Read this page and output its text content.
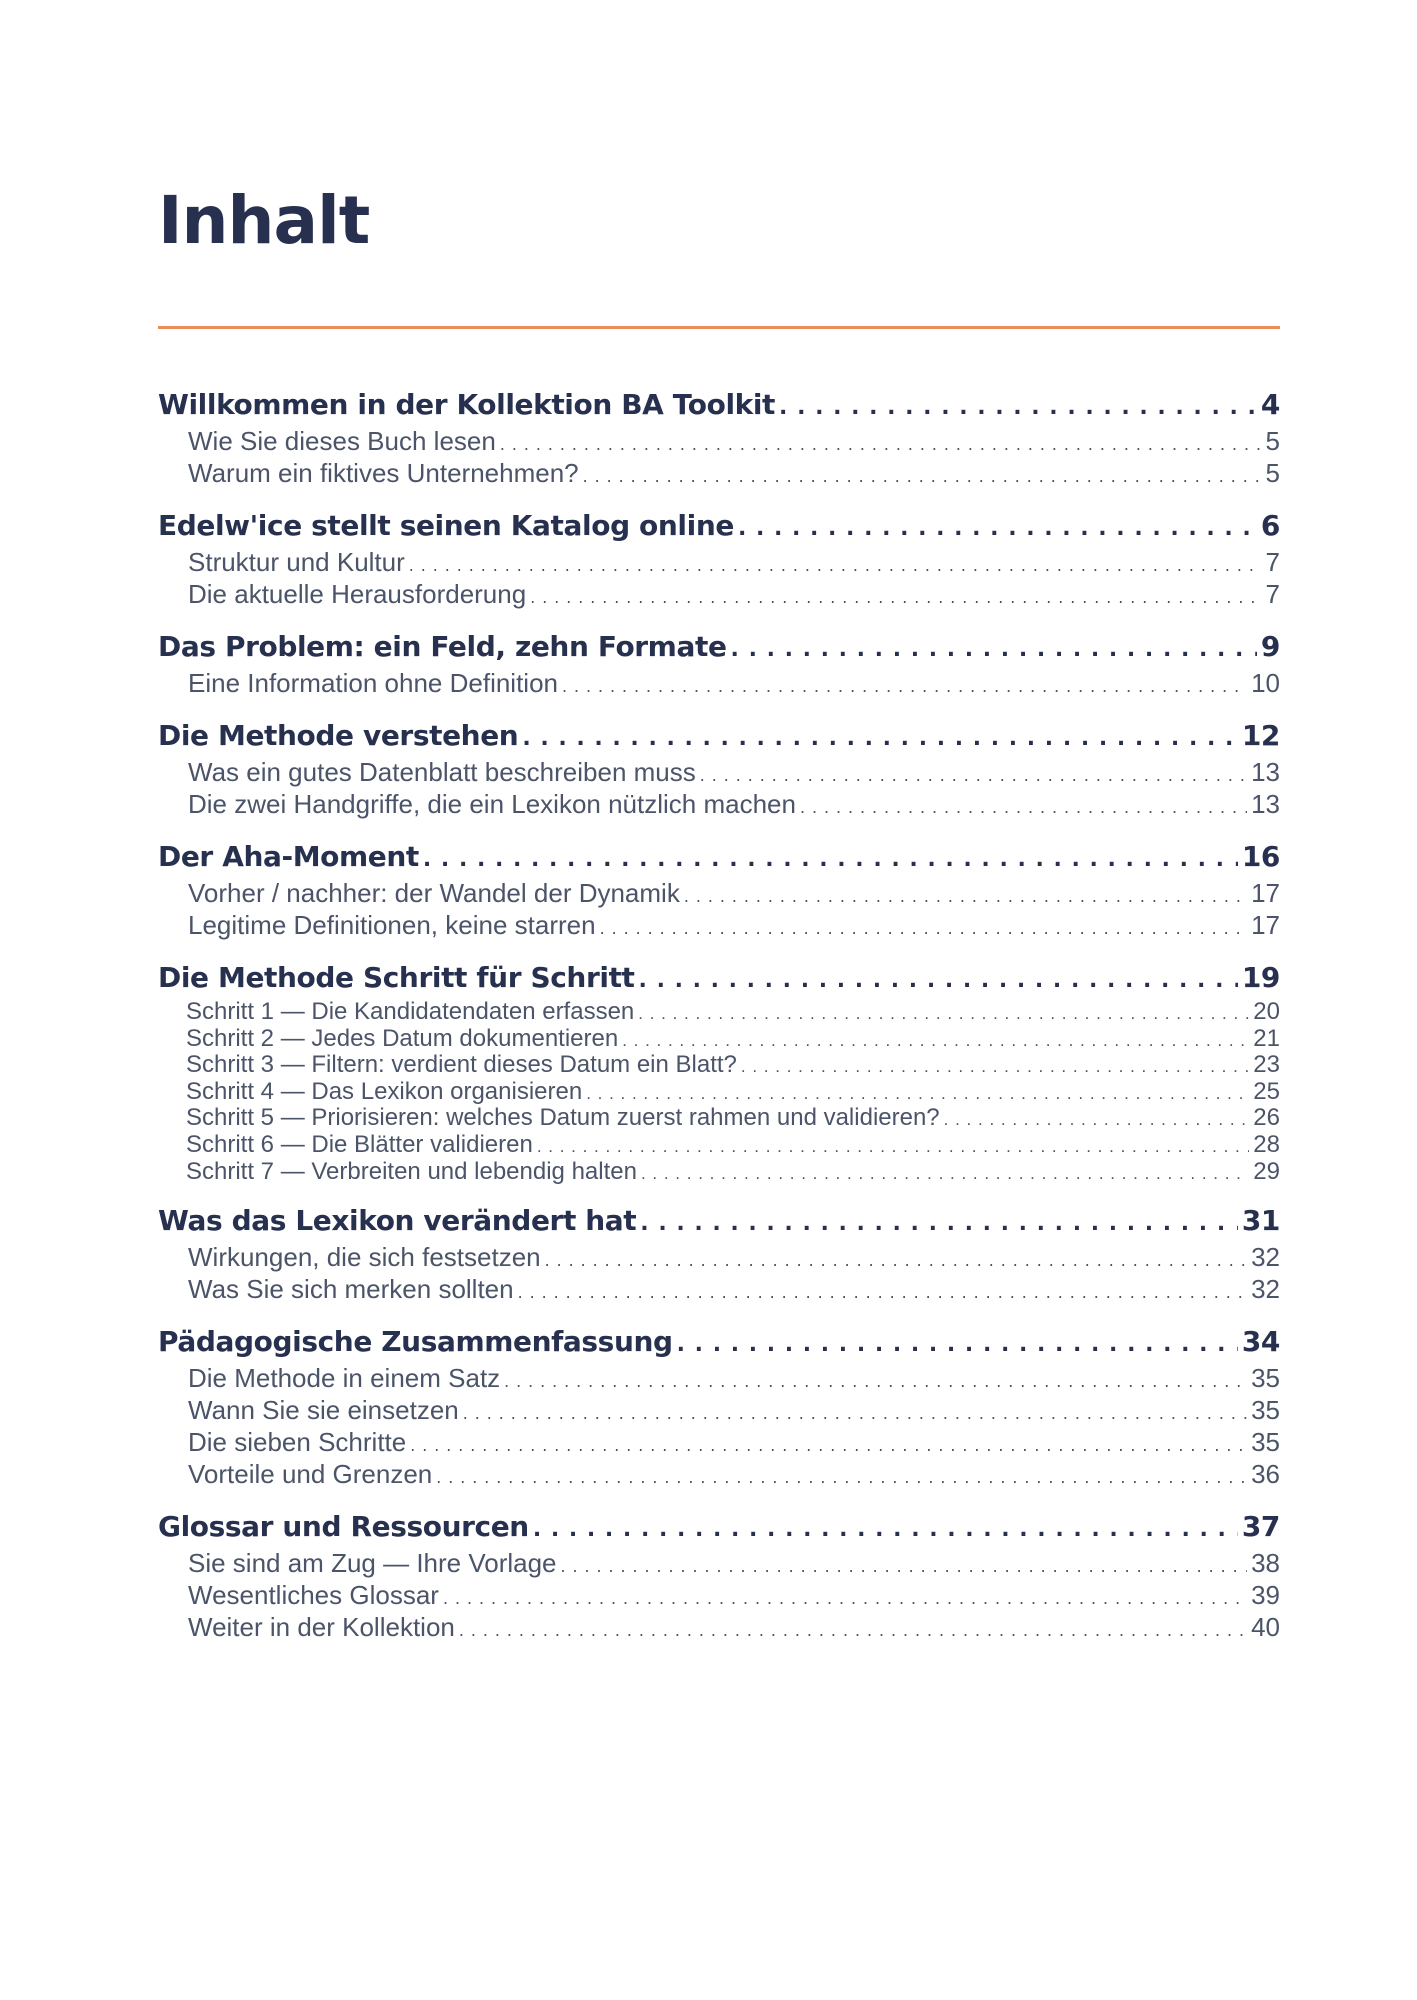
Inhalt
Willkommen in der Kollektion BA Toolkit . . .	4
Wie Sie dieses Buch lesen . . .	5
Warum ein fiktives Unternehmen? . . .	5
Edelw'ice stellt seinen Katalog online . . .	6
Struktur und Kultur . . .	7
Die aktuelle Herausforderung . . .	7
Das Problem: ein Feld, zehn Formate . . .	9
Eine Information ohne Definition . . .	10
Die Methode verstehen . . .	12
Was ein gutes Datenblatt beschreiben muss . . .	13
Die zwei Handgriffe, die ein Lexikon nützlich machen . . .	13
Der Aha-Moment . . .	16
Vorher / nachher: der Wandel der Dynamik . . .	17
Legitime Definitionen, keine starren . . .	17
Die Methode Schritt für Schritt . . .	19
Schritt 1 — Die Kandidatendaten erfassen . . .	20
Schritt 2 — Jedes Datum dokumentieren . . .	21
Schritt 3 — Filtern: verdient dieses Datum ein Blatt? . . .	23
Schritt 4 — Das Lexikon organisieren . . .	25
Schritt 5 — Priorisieren: welches Datum zuerst rahmen und validieren? . . .	26
Schritt 6 — Die Blätter validieren . . .	28
Schritt 7 — Verbreiten und lebendig halten . . .	29
Was das Lexikon verändert hat . . .	31
Wirkungen, die sich festsetzen . . .	32
Was Sie sich merken sollten . . .	32
Pädagogische Zusammenfassung . . .	34
Die Methode in einem Satz . . .	35
Wann Sie sie einsetzen . . .	35
Die sieben Schritte . . .	35
Vorteile und Grenzen . . .	36
Glossar und Ressourcen . . .	37
Sie sind am Zug — Ihre Vorlage . . .	38
Wesentliches Glossar . . .	39
Weiter in der Kollektion . . .	40
